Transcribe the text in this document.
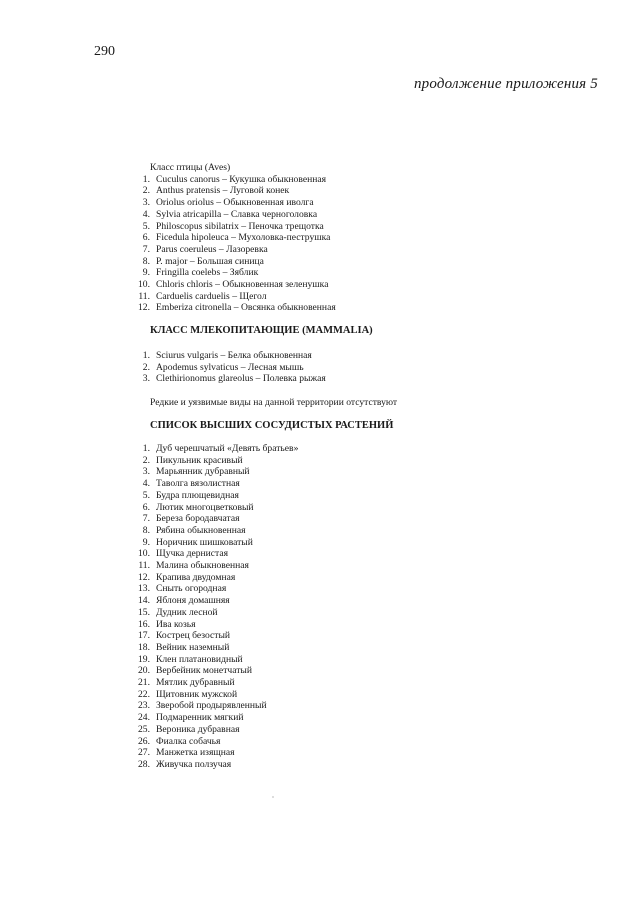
290
продолжение приложения 5
Класс птицы (Aves)
1. Cuculus canorus – Кукушка обыкновенная
2. Anthus pratensis – Луговой конек
3. Oriolus oriolus – Обыкновенная иволга
4. Sylvia atricapilla – Славка черноголовка
5. Philoscopus sibilatrix – Пеночка трещотка
6. Ficedula hipoleuca – Мухоловка-пеструшка
7. Parus coeruleus – Лазоревка
8. P. major – Большая синица
9. Fringilla coelebs – Зяблик
10. Chloris chloris – Обыкновенная зеленушка
11. Carduelis carduelis – Щегол
12. Emberiza citronella – Овсянка обыкновенная
КЛАСС МЛЕКОПИТАЮЩИЕ (MAMMALIA)
1. Sciurus vulgaris – Белка обыкновенная
2. Apodemus sylvaticus – Лесная мышь
3. Clethirionomus glareolus – Полевка рыжая
Редкие и уязвимые виды на данной территории отсутствуют
СПИСОК ВЫСШИХ СОСУДИСТЫХ РАСТЕНИЙ
1. Дуб черешчатый «Девять братьев»
2. Пикульник красивый
3. Марьянник дубравный
4. Таволга вязолистная
5. Будра плющевидная
6. Лютик многоцветковый
7. Береза бородавчатая
8. Рябина обыкновенная
9. Норичник шишковатый
10. Щучка дернистая
11. Малина обыкновенная
12. Крапива двудомная
13. Сныть огородная
14. Яблоня домашняя
15. Дудник лесной
16. Ива козья
17. Кострец безостый
18. Вейник наземный
19. Клен платановидный
20. Вербейник монетчатый
21. Мятлик дубравный
22. Щитовник мужской
23. Зверобой продырявленный
24. Подмаренник мягкий
25. Вероника дубравная
26. Фиалка собачья
27. Манжетка изящная
28. Живучка ползучая
